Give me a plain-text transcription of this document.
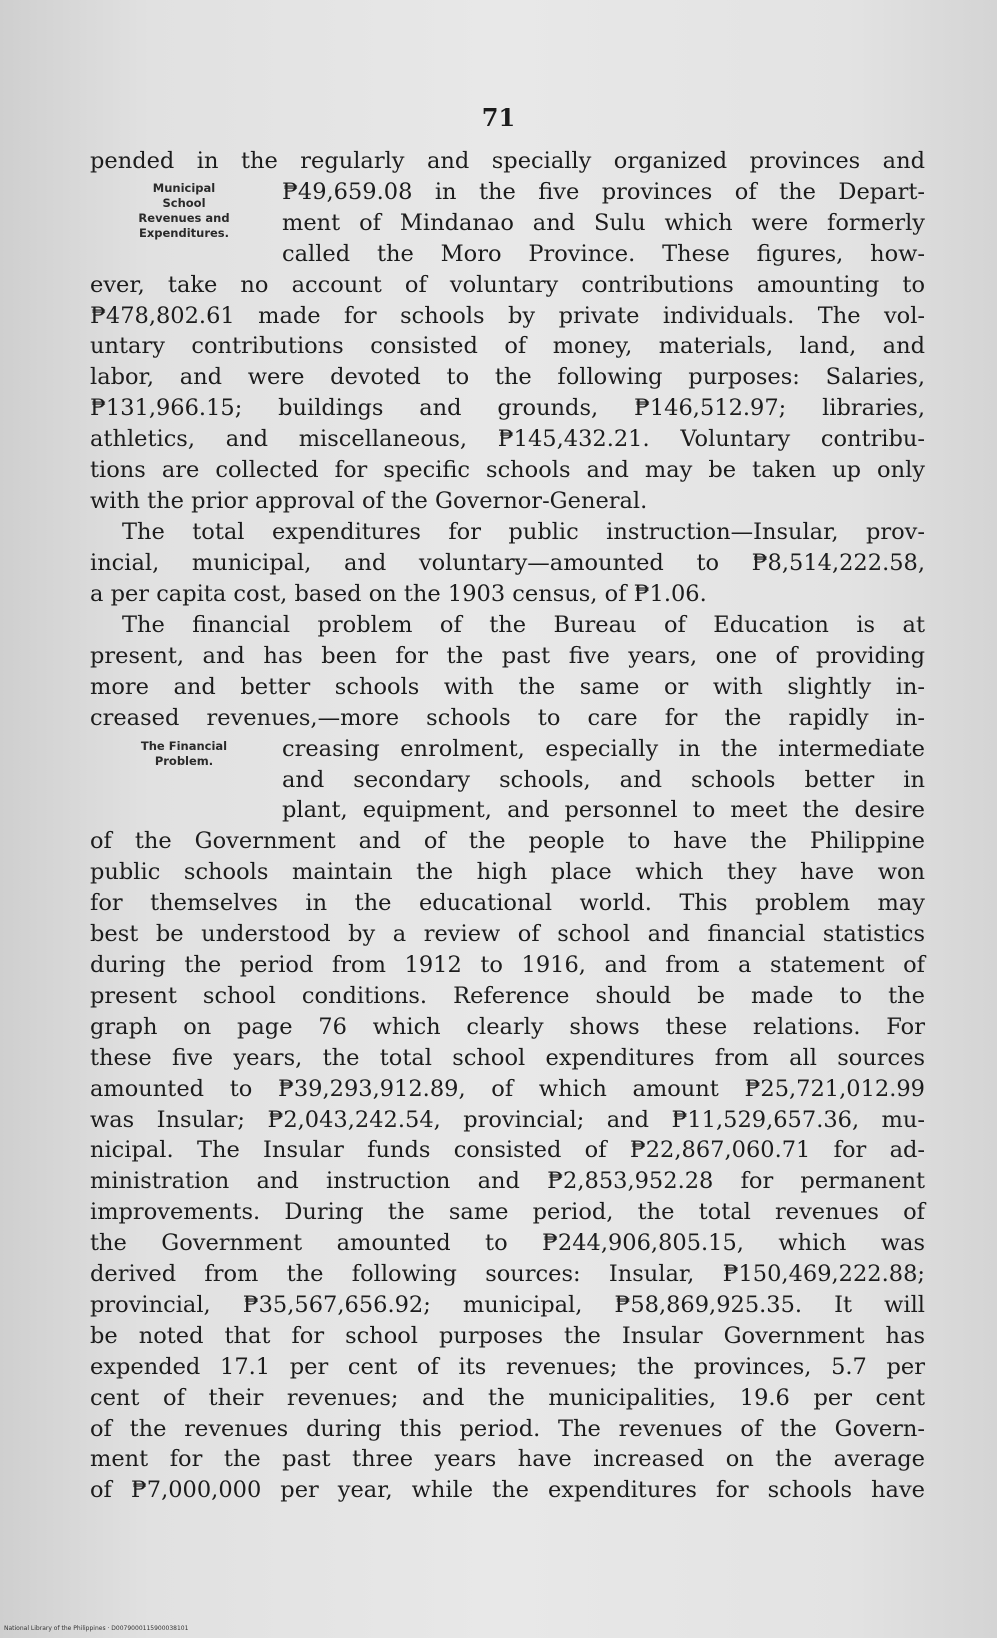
71
Municipal
School
Revenues and
Expenditures.
The Financial
Problem.
pended in the regularly and specially organized provinces and
₱49,659.08 in the five provinces of the Depart-
ment of Mindanao and Sulu which were formerly
called the Moro Province. These figures, how-
ever, take no account of voluntary contributions amounting to
₱478,802.61 made for schools by private individuals. The vol-
untary contributions consisted of money, materials, land, and
labor, and were devoted to the following purposes: Salaries,
₱131,966.15; buildings and grounds, ₱146,512.97; libraries,
athletics, and miscellaneous, ₱145,432.21. Voluntary contribu-
tions are collected for specific schools and may be taken up only
with the prior approval of the Governor-General.
The total expenditures for public instruction—Insular, prov-
incial, municipal, and voluntary—amounted to ₱8,514,222.58,
a per capita cost, based on the 1903 census, of ₱1.06.
The financial problem of the Bureau of Education is at
present, and has been for the past five years, one of providing
more and better schools with the same or with slightly in-
creased revenues,—more schools to care for the rapidly in-
creasing enrolment, especially in the intermediate
and secondary schools, and schools better in
plant, equipment, and personnel to meet the desire
of the Government and of the people to have the Philippine
public schools maintain the high place which they have won
for themselves in the educational world. This problem may
best be understood by a review of school and financial statistics
during the period from 1912 to 1916, and from a statement of
present school conditions. Reference should be made to the
graph on page 76 which clearly shows these relations. For
these five years, the total school expenditures from all sources
amounted to ₱39,293,912.89, of which amount ₱25,721,012.99
was Insular; ₱2,043,242.54, provincial; and ₱11,529,657.36, mu-
nicipal. The Insular funds consisted of ₱22,867,060.71 for ad-
ministration and instruction and ₱2,853,952.28 for permanent
improvements. During the same period, the total revenues of
the Government amounted to ₱244,906,805.15, which was
derived from the following sources: Insular, ₱150,469,222.88;
provincial, ₱35,567,656.92; municipal, ₱58,869,925.35. It will
be noted that for school purposes the Insular Government has
expended 17.1 per cent of its revenues; the provinces, 5.7 per
cent of their revenues; and the municipalities, 19.6 per cent
of the revenues during this period. The revenues of the Govern-
ment for the past three years have increased on the average
of ₱7,000,000 per year, while the expenditures for schools have
National Library of the Philippines · D0079000115900038101
